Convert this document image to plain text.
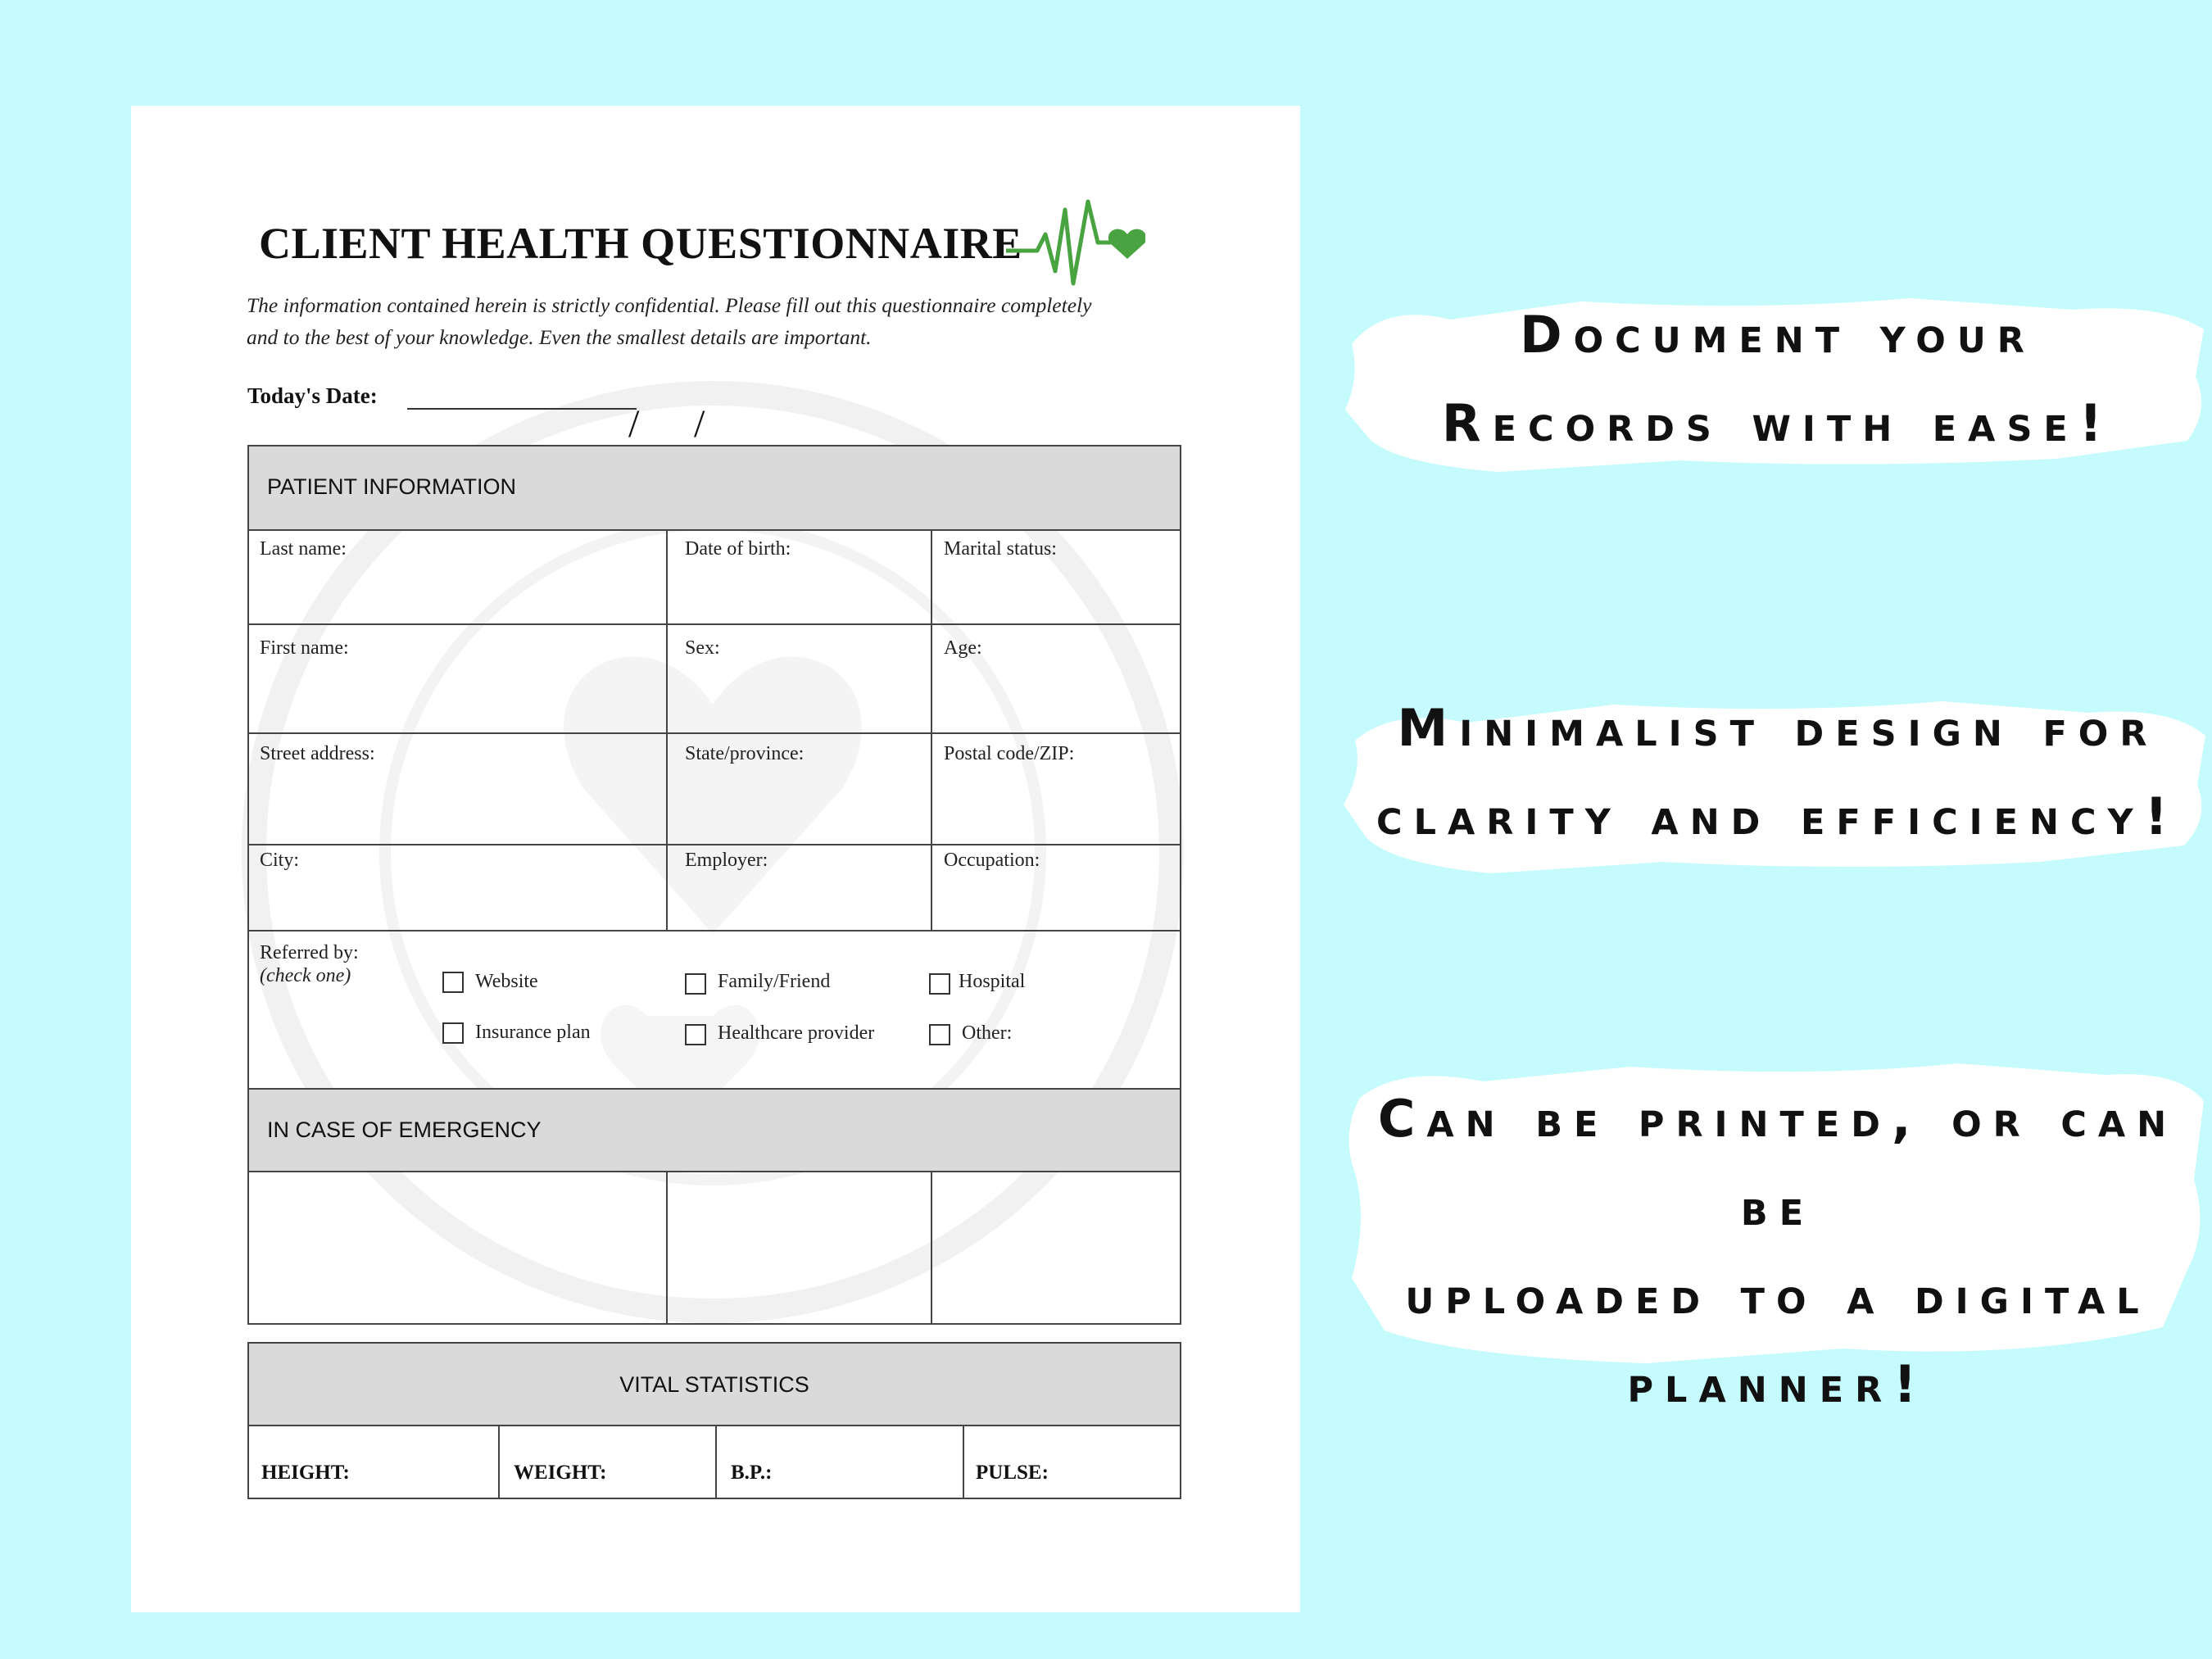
CLIENT HEALTH QUESTIONNAIRE
The information contained herein is strictly confidential. Please fill out this questionnaire completely
and to the best of your knowledge. Even the smallest details are important.
Today's Date:
/ /
PATIENT INFORMATION
Last name:	Date of birth:	Marital status:
First name:	Sex:	Age:
Street address:	State/province:	Postal code/ZIP:
City:	Employer:	Occupation:
Referred by:
(check one)	Website	Family/Friend	Hospital
Insurance plan	Healthcare provider	Other:
IN CASE OF EMERGENCY
VITAL STATISTICS
HEIGHT:	WEIGHT:	B.P.:	PULSE:
Document your
Records with ease!
Minimalist design for
clarity and efficiency!
Can be printed, or can be
uploaded to a digital
planner!
